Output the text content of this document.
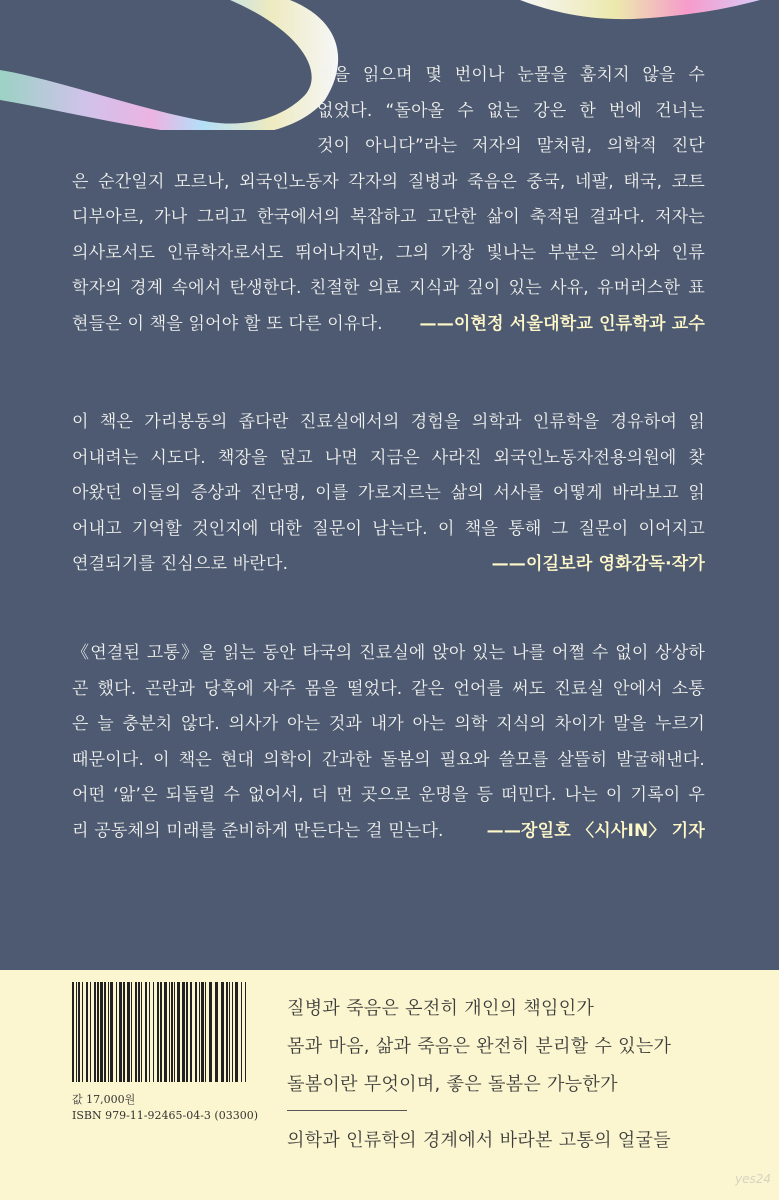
책을 읽으며 몇 번이나 눈물을 훔치지 않을 수
없었다. “돌아올 수 없는 강은 한 번에 건너는
것이 아니다”라는 저자의 말처럼, 의학적 진단
은 순간일지 모르나, 외국인노동자 각자의 질병과 죽음은 중국, 네팔, 태국, 코트
디부아르, 가나 그리고 한국에서의 복잡하고 고단한 삶이 축적된 결과다. 저자는
의사로서도 인류학자로서도 뛰어나지만, 그의 가장 빛나는 부분은 의사와 인류
학자의 경계 속에서 탄생한다. 친절한 의료 지식과 깊이 있는 사유, 유머러스한 표
현들은 이 책을 읽어야 할 또 다른 이유다. ——이현정 서울대학교 인류학과 교수
이 책은 가리봉동의 좁다란 진료실에서의 경험을 의학과 인류학을 경유하여 읽
어내려는 시도다. 책장을 덮고 나면 지금은 사라진 외국인노동자전용의원에 찾
아왔던 이들의 증상과 진단명, 이를 가로지르는 삶의 서사를 어떻게 바라보고 읽
어내고 기억할 것인지에 대한 질문이 남는다. 이 책을 통해 그 질문이 이어지고
연결되기를 진심으로 바란다.	——이길보라 영화감독·작가
《연결된 고통》을 읽는 동안 타국의 진료실에 앉아 있는 나를 어쩔 수 없이 상상하
곤 했다. 곤란과 당혹에 자주 몸을 떨었다. 같은 언어를 써도 진료실 안에서 소통
은 늘 충분치 않다. 의사가 아는 것과 내가 아는 의학 지식의 차이가 말을 누르기
때문이다. 이 책은 현대 의학이 간과한 돌봄의 필요와 쓸모를 살뜰히 발굴해낸다.
어떤 ‘앎’은 되돌릴 수 없어서, 더 먼 곳으로 운명을 등 떠민다. 나는 이 기록이 우
리 공동체의 미래를 준비하게 만든다는 걸 믿는다.	——장일호 〈시사IN〉 기자
값 17,000원
ISBN 979-11-92465-04-3 (03300)
질병과 죽음은 온전히 개인의 책임인가
몸과 마음, 삶과 죽음은 완전히 분리할 수 있는가
돌봄이란 무엇이며, 좋은 돌봄은 가능한가
의학과 인류학의 경계에서 바라본 고통의 얼굴들
yes24
